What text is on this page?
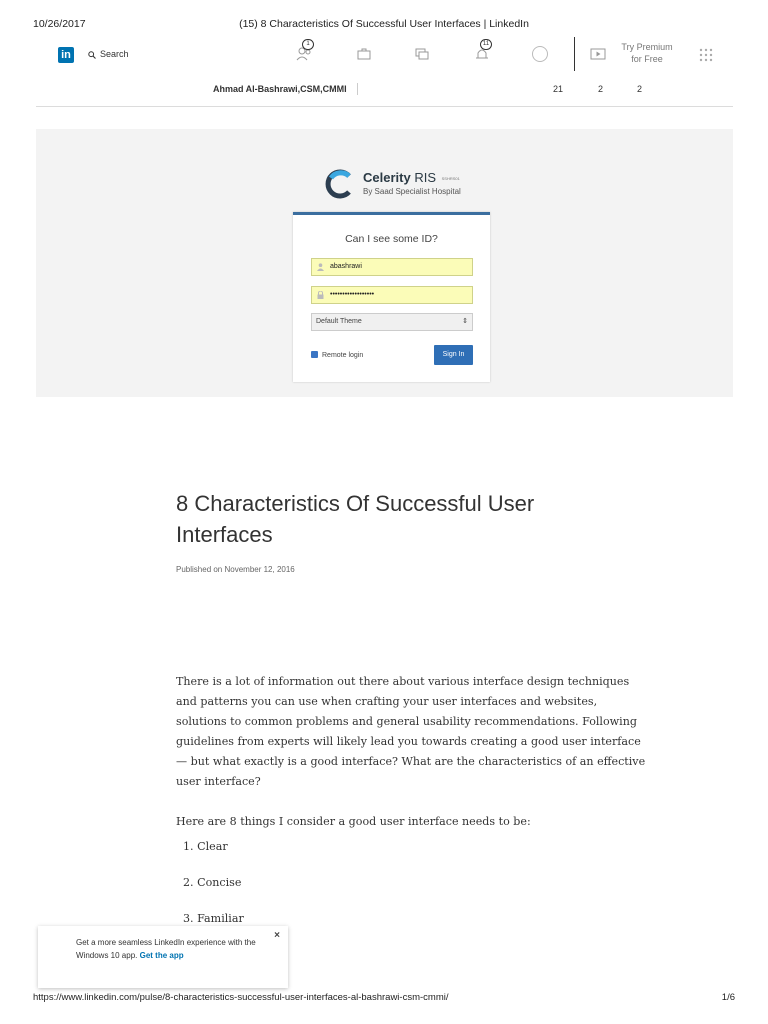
10/26/2017	(15) 8 Characteristics Of Successful User Interfaces | LinkedIn
in	Search
1	11	Try Premium for Free
Ahmad Al-Bashrawi,CSM,CMMI	21	2	2
Celerity RIS SSHRS01
By Saad Specialist Hospital
Can I see some ID?
abashrawi
••••••••••••••••••
Default Theme	⇕
Remote login	Sign In
8 Characteristics Of Successful User Interfaces
Published on November 12, 2016

There is a lot of information out there about various interface design techniques and patterns you can use when crafting your user interfaces and websites, solutions to common problems and general usability recommendations. Following guidelines from experts will likely lead you towards creating a good user interface — but what exactly is a good interface? What are the characteristics of an effective user interface?

Here are 8 things I consider a good user interface needs to be:

1. Clear
2. Concise
3. Familiar
Get a more seamless LinkedIn experience with the Windows 10 app. Get the app
×
https://www.linkedin.com/pulse/8-characteristics-successful-user-interfaces-al-bashrawi-csm-cmmi/	1/6
